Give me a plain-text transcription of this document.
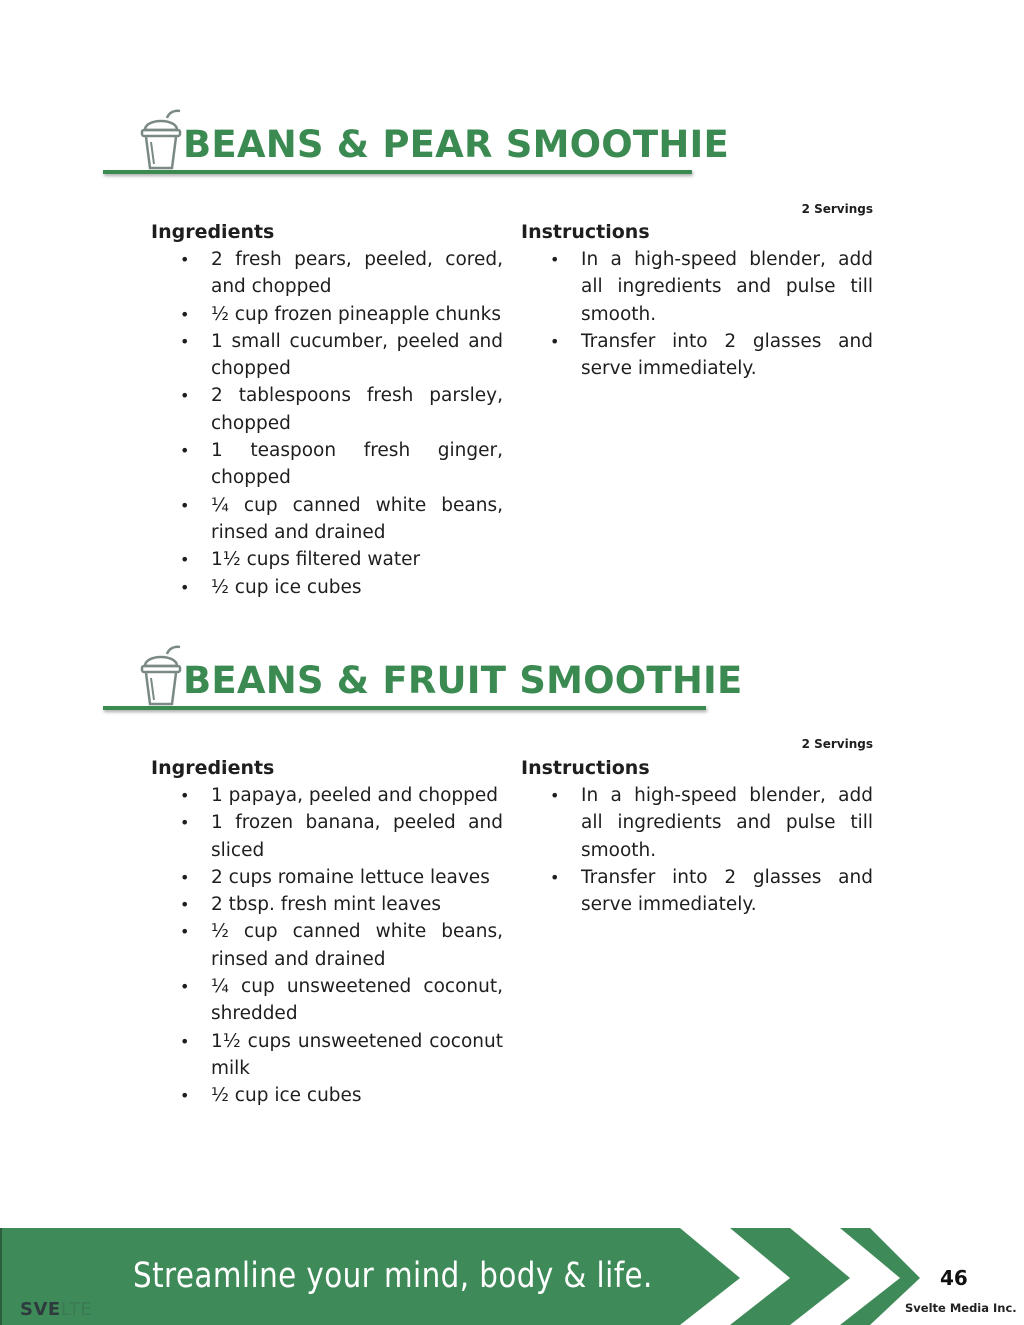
BEANS & PEAR SMOOTHIE
2 Servings
Ingredients
• 2 fresh pears, peeled, cored, and chopped
• ½ cup frozen pineapple chunks
• 1 small cucumber, peeled and chopped
• 2 tablespoons fresh parsley, chopped
• 1 teaspoon fresh ginger, chopped
• ¼ cup canned white beans, rinsed and drained
• 1½ cups filtered water
• ½ cup ice cubes
Instructions
• In a high-speed blender, add all ingredients and pulse till smooth.
• Transfer into 2 glasses and serve immediately.
BEANS & FRUIT SMOOTHIE
2 Servings
Ingredients
• 1 papaya, peeled and chopped
• 1 frozen banana, peeled and sliced
• 2 cups romaine lettuce leaves
• 2 tbsp. fresh mint leaves
• ½ cup canned white beans, rinsed and drained
• ¼ cup unsweetened coconut, shredded
• 1½ cups unsweetened coconut milk
• ½ cup ice cubes
Instructions
• In a high-speed blender, add all ingredients and pulse till smooth.
• Transfer into 2 glasses and serve immediately.
Streamline your mind, body & life.
SVELTE
46
Svelte Media Inc.
